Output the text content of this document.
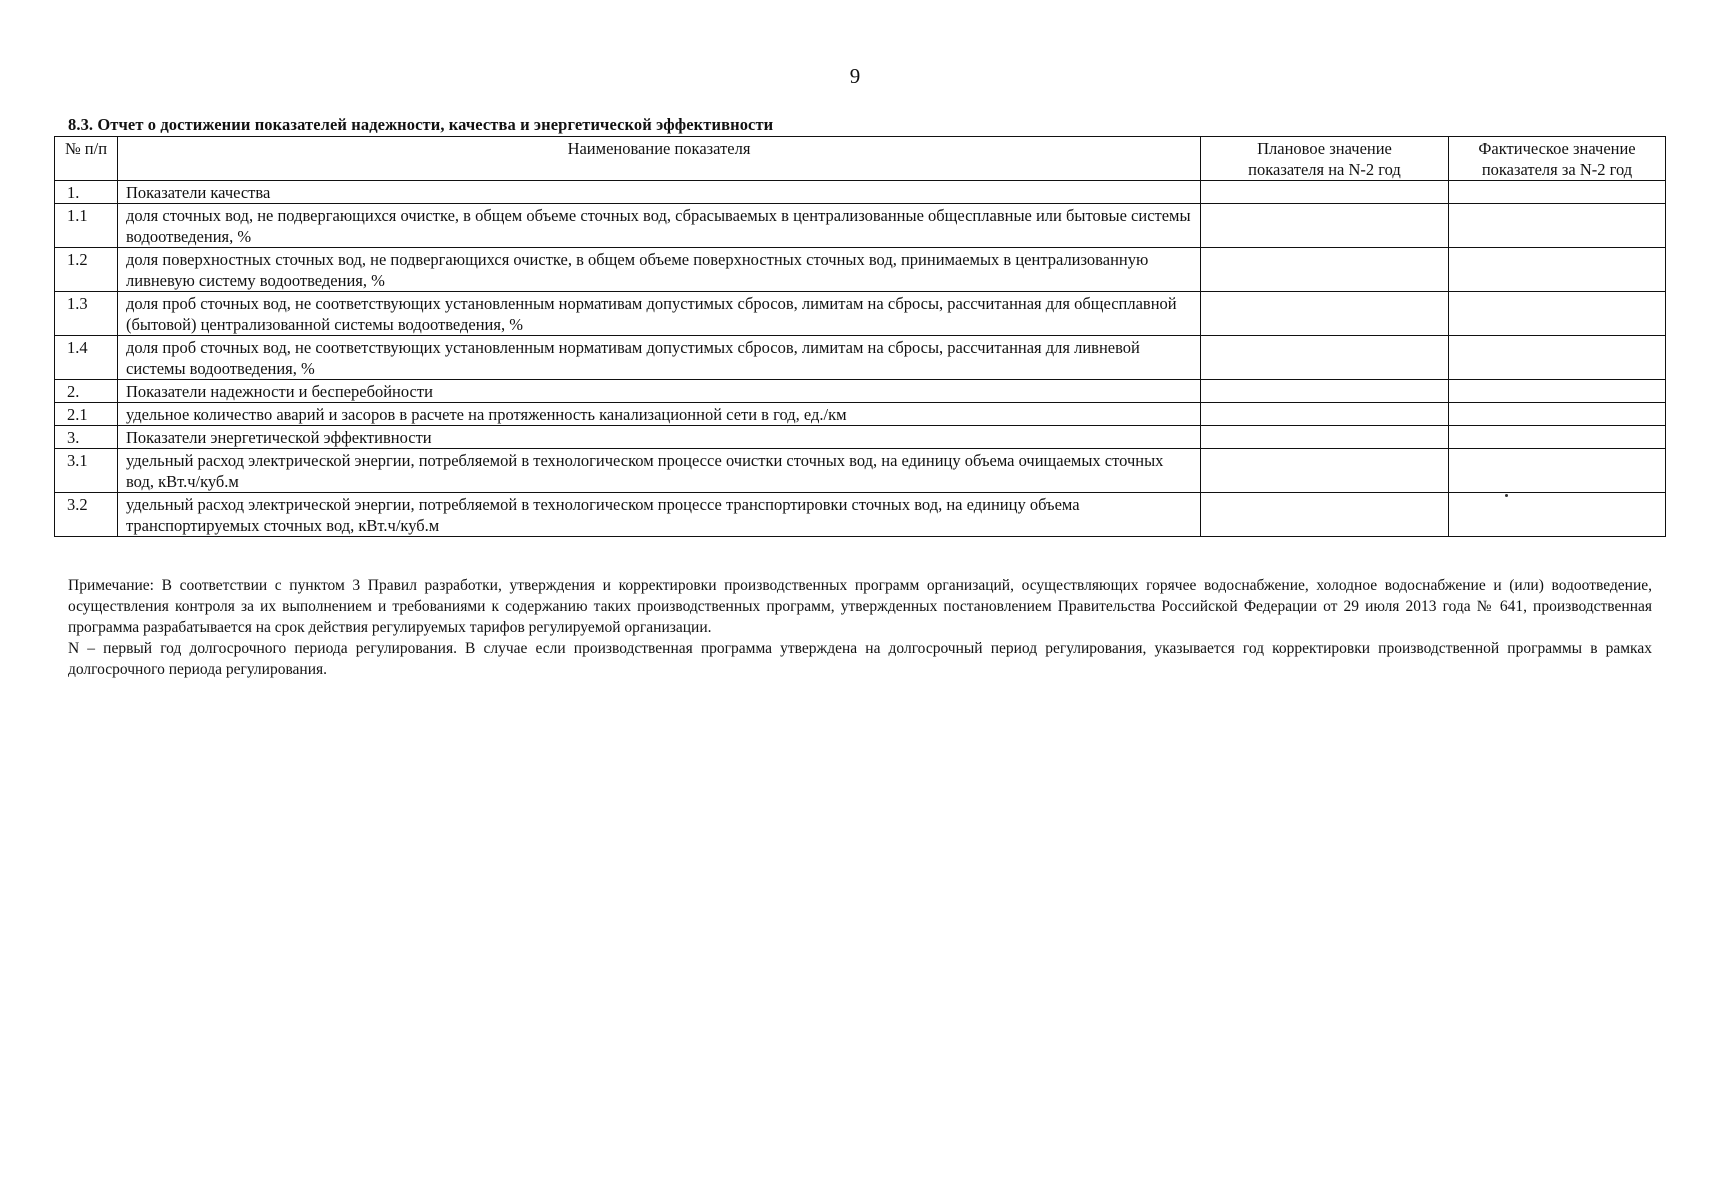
9
8.3. Отчет о достижении показателей надежности, качества и энергетической эффективности
№ п/п	Наименование показателя	Плановое значение показателя на N-2 год	Фактическое значение показателя за N-2 год
1.	Показатели качества		
1.1	доля сточных вод, не подвергающихся очистке, в общем объеме сточных вод, сбрасываемых в централизованные общесплавные или бытовые системы водоотведения, %		
1.2	доля поверхностных сточных вод, не подвергающихся очистке, в общем объеме поверхностных сточных вод, принимаемых в централизованную ливневую систему водоотведения, %		
1.3	доля проб сточных вод, не соответствующих установленным нормативам допустимых сбросов, лимитам на сбросы, рассчитанная для общесплавной (бытовой) централизованной системы водоотведения, %		
1.4	доля проб сточных вод, не соответствующих установленным нормативам допустимых сбросов, лимитам на сбросы, рассчитанная для ливневой системы водоотведения, %		
2.	Показатели надежности и бесперебойности		
2.1	удельное количество аварий и засоров в расчете на протяженность канализационной сети в год, ед./км		
3.	Показатели энергетической эффективности		
3.1	удельный расход электрической энергии, потребляемой в технологическом процессе очистки сточных вод, на единицу объема очищаемых сточных вод, кВт.ч/куб.м		
3.2	удельный расход электрической энергии, потребляемой в технологическом процессе транспортировки сточных вод, на единицу объема транспортируемых сточных вод, кВт.ч/куб.м		

Примечание: В соответствии с пунктом 3 Правил разработки, утверждения и корректировки производственных программ организаций, осуществляющих горячее водоснабжение, холодное водоснабжение и (или) водоотведение, осуществления контроля за их выполнением и требованиями к содержанию таких производственных программ, утвержденных постановлением Правительства Российской Федерации от 29 июля 2013 года № 641, производственная программа разрабатывается на срок действия регулируемых тарифов регулируемой организации.

N – первый год долгосрочного периода регулирования. В случае если производственная программа утверждена на долгосрочный период регулирования, указывается год корректировки производственной программы в рамках долгосрочного периода регулирования.
